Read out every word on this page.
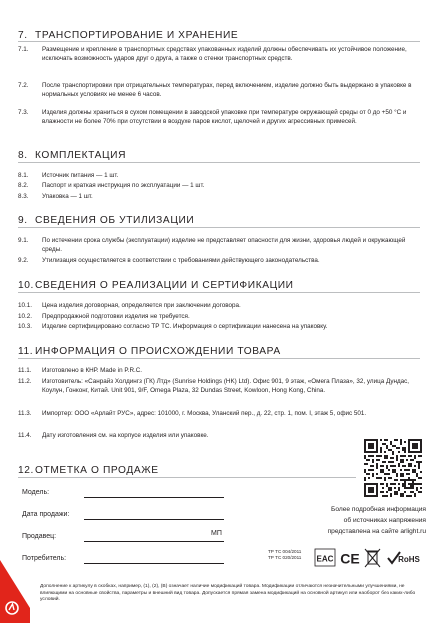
7. ТРАНСПОРТИРОВАНИЕ И ХРАНЕНИЕ
7.1.	Размещение и крепление в транспортных средствах упакованных изделий должны обеспечивать их устойчивое положение, исключать возможность ударов друг о друга, а также о стенки транспортных средств.
7.2.	После транспортировки при отрицательных температурах, перед включением, изделие должно быть выдержано в упаковке в нормальных условиях не менее 6 часов.
7.3.	Изделия должны храниться в сухом помещении в заводской упаковке при температуре окружающей среды от 0 до +50 °C и влажности не более 70% при отсутствии в воздухе паров кислот, щелочей и других агрессивных примесей.
8. КОМПЛЕКТАЦИЯ
8.1.	Источник питания — 1 шт.
8.2.	Паспорт и краткая инструкция по эксплуатации — 1 шт.
8.3.	Упаковка — 1 шт.
9. СВЕДЕНИЯ ОБ УТИЛИЗАЦИИ
9.1.	По истечении срока службы (эксплуатации) изделие не представляет опасности для жизни, здоровья людей и окружающей среды.
9.2.	Утилизация осуществляется в соответствии с требованиями действующего законодательства.
10.СВЕДЕНИЯ О РЕАЛИЗАЦИИ И СЕРТИФИКАЦИИ
10.1.	Цена изделия договорная, определяется при заключении договора.
10.2.	Предпродажной подготовки изделия не требуется.
10.3.	Изделие сертифицировано согласно ТР ТС. Информация о сертификации нанесена на упаковку.
11. ИНФОРМАЦИЯ О ПРОИСХОЖДЕНИИ ТОВАРА
11.1.	Изготовлено в КНР. Made in P.R.C.
11.2.	Изготовитель: «Санрайз Холдингз (ГК) Лтд» (Sunrise Holdings (HK) Ltd). Офис 901, 9 этаж, «Омега Плаза», 32, улица Дундас, Коулун, Гонконг, Китай. Unit 901, 9/F, Omega Plaza, 32 Dundas Street, Kowloon, Hong Kong, China.
11.3.	Импортер: ООО «Арлайт РУС», адрес: 101000, г. Москва, Уланский пер., д. 22, стр. 1, пом. I, этаж 5, офис 501.
11.4.	Дату изготовления см. на корпусе изделия или упаковке.
12.ОТМЕТКА О ПРОДАЖЕ
Модель:
Дата продажи:
Продавец:	МП
Потребитель:
Более подробная информация
об источниках напряжения
представлена на сайте arlight.ru
ТР ТС 004/2011
ТР ТС 020/2011 EAC CE	RoHS
Дополнение к артикулу в скобках, например, (1), (2), (B) означает наличие модификаций товара. Модификации отличаются незначительными улучшениями, не влияющими на основные свойства, параметры и внешний вид товара. Допускается прямая замена модификаций на основной артикул или наоборот без каких-либо условий.
